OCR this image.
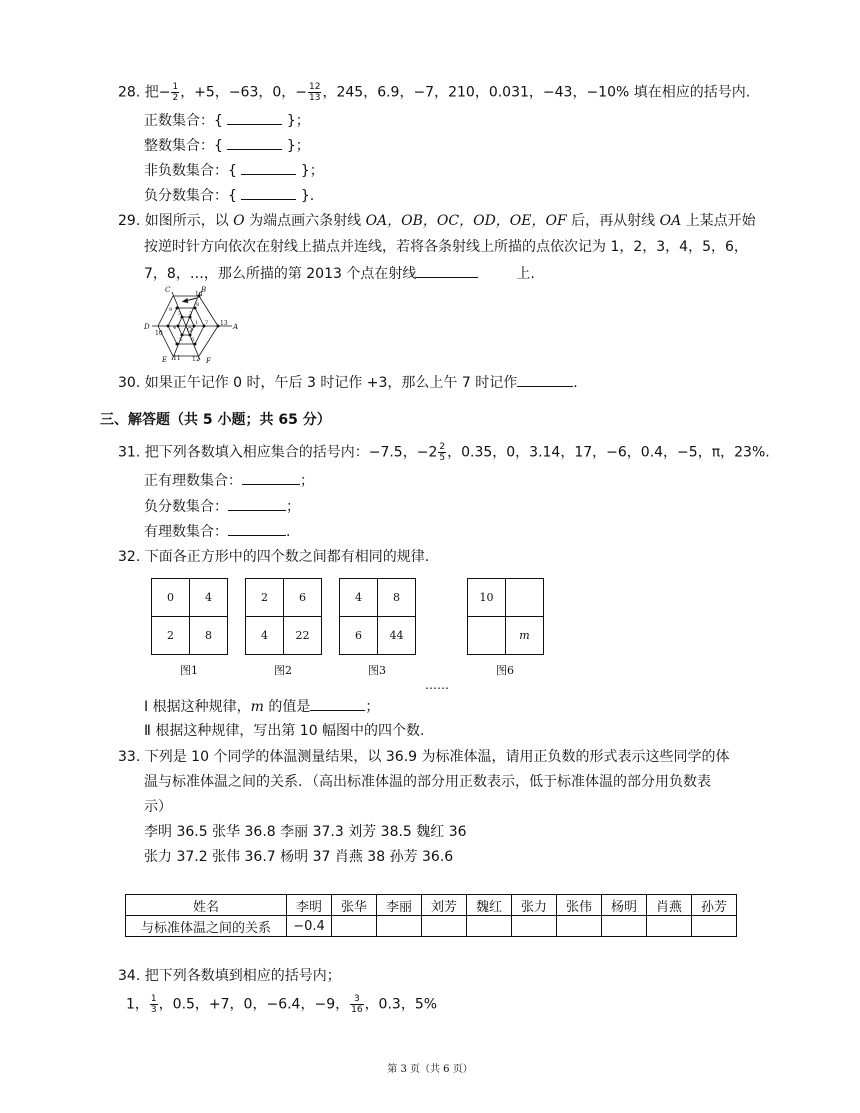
28. 把− $\frac{1}{2}$ ，+5，−63，0，− $\frac{12}{13}$ ，245，6.9，−7，210，0.031，−43，−10% 填在相应的括号内.
正数集合：{	}；
整数集合：{	}；
非负数集合：{	}；
负分数集合：{	}.
29. 如图所示，以 O 为端点画六条射线 OA，OB，OC，OD，OE，OF 后，再从射线 OA 上某点开始
按逆时针方向依次在射线上描点并连线，若将各条射线上所描的点依次记为 1，2，3，4，5，6，
7，8，…，那么所描的第 2013 个点在射线	上.
A
B
C
D
E	F
O
1
2
3
4
5 6
7
8
9
10
11 12
13
14
30. 如果正午记作 0 时，午后 3 时记作 +3，那么上午 7 时记作	.
三、解答题（共 5 小题；共 65 分）
31. 把下列各数填入相应集合的括号内：−7.5，$-2 \frac{2}{5}$ ，0.35，0，3.14，17，−6，0.4，−5，π，23%.
正有理数集合：	；
负分数集合：	；
有理数集合：	.
32. 下面各正方形中的四个数之间都有相同的规律.
0	4
2	8
2	6
4	22
4	8
6	44
10
m
图1	图2	图3	图6
……
Ⅰ 根据这种规律，m 的值是	；
Ⅱ 根据这种规律，写出第 10 幅图中的四个数.
33. 下列是 10 个同学的体温测量结果，以 36.9 为标准体温，请用正负数的形式表示这些同学的体
温与标准体温之间的关系．（高出标准体温的部分用正数表示，低于标准体温的部分用负数表
示）
李明 36.5 张华 36.8 李丽 37.3 刘芳 38.5 魏红 36
张力 37.2 张伟 36.7 杨明 37 肖燕 38 孙芳 36.6
姓名	李明	张华	李丽	刘芳	魏红	张力	张伟	杨明	肖燕	孙芳
与标准体温之间的关系	−0.4									
34. 把下列各数填到相应的括号内；
1， $\frac{1}{3}$ ，0.5，+7，0，−6.4，−9， $\frac{3}{16}$ ，0.3，5%
第 3 页（共 6 页）
